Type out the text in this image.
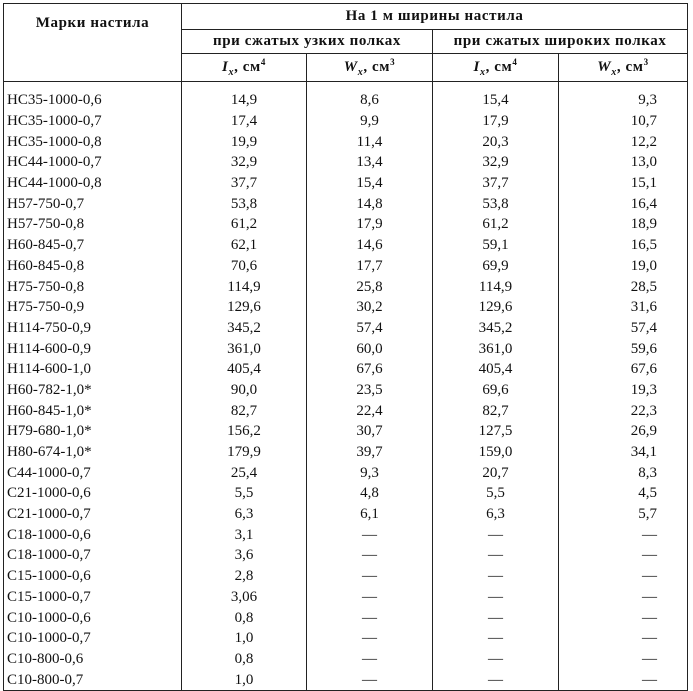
Марки настила	На 1 м ширины настила			
	при сжатых узких полках		при сжатых широких полках	
	$I_x$, $см^4$	$W_x$, $см^3$	$I_x$, $см^4$	$W_x$, $см^3$
НС35-1000-0,6	14,9	8,6	15,4	9,3
НС35-1000-0,7	17,4	9,9	17,9	10,7
НС35-1000-0,8	19,9	11,4	20,3	12,2
НС44-1000-0,7	32,9	13,4	32,9	13,0
НС44-1000-0,8	37,7	15,4	37,7	15,1
Н57-750-0,7	53,8	14,8	53,8	16,4
Н57-750-0,8	61,2	17,9	61,2	18,9
Н60-845-0,7	62,1	14,6	59,1	16,5
Н60-845-0,8	70,6	17,7	69,9	19,0
Н75-750-0,8	114,9	25,8	114,9	28,5
Н75-750-0,9	129,6	30,2	129,6	31,6
Н114-750-0,9	345,2	57,4	345,2	57,4
Н114-600-0,9	361,0	60,0	361,0	59,6
Н114-600-1,0	405,4	67,6	405,4	67,6
Н60-782-1,0*	90,0	23,5	69,6	19,3
Н60-845-1,0*	82,7	22,4	82,7	22,3
Н79-680-1,0*	156,2	30,7	127,5	26,9
Н80-674-1,0*	179,9	39,7	159,0	34,1
С44-1000-0,7	25,4	9,3	20,7	8,3
С21-1000-0,6	5,5	4,8	5,5	4,5
С21-1000-0,7	6,3	6,1	6,3	5,7
С18-1000-0,6	3,1	—	—	—
С18-1000-0,7	3,6	—	—	—
С15-1000-0,6	2,8	—	—	—
С15-1000-0,7	3,06	—	—	—
С10-1000-0,6	0,8	—	—	—
С10-1000-0,7	1,0	—	—	—
С10-800-0,6	0,8	—	—	—
С10-800-0,7	1,0	—	—	—
